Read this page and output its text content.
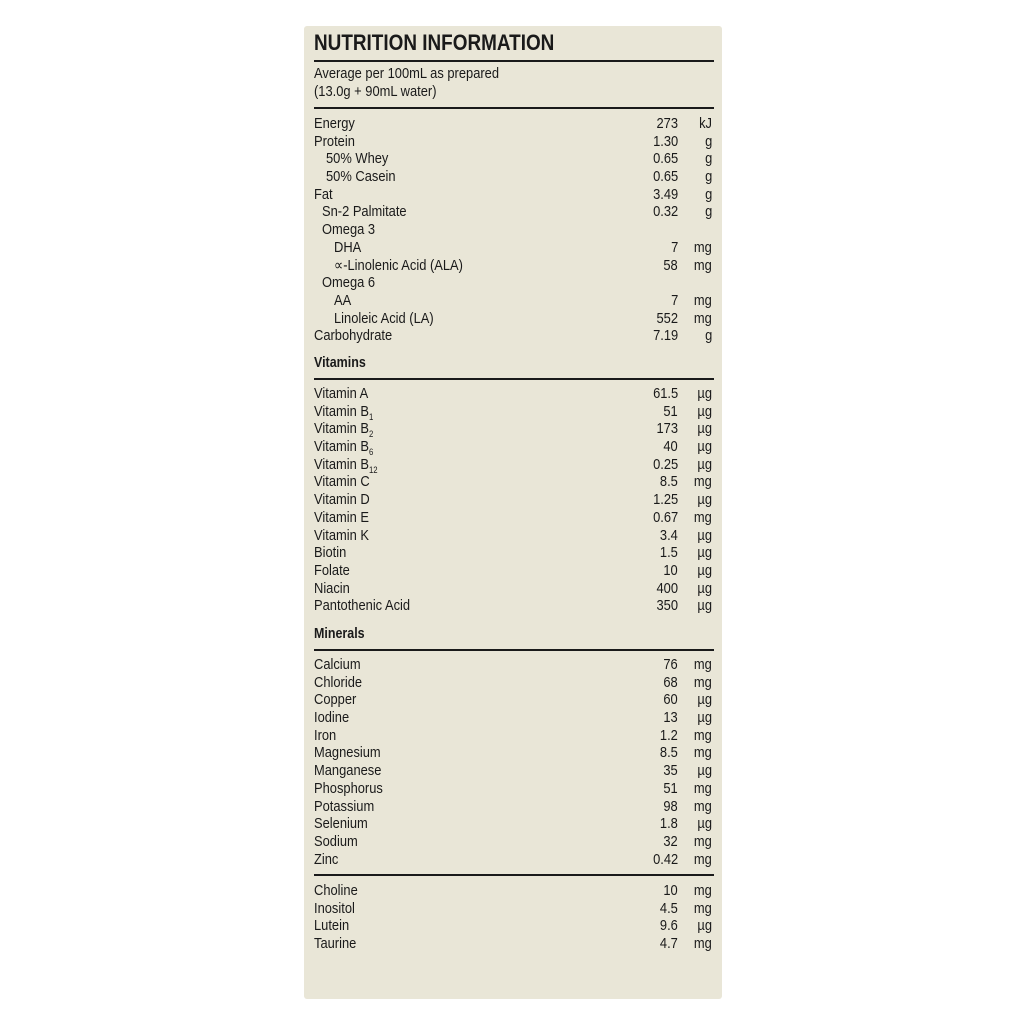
NUTRITION INFORMATION
Average per 100mL as prepared
(13.0g + 90mL water)
Energy	273 kJ
Protein	1.30 g
50% Whey	0.65 g
50% Casein	0.65 g
Fat	3.49 g
Sn-2 Palmitate	0.32 g
Omega 3
DHA	7 mg
∝-Linolenic Acid (ALA)	58 mg
Omega 6
AA	7 mg
Linoleic Acid (LA)	552 mg
Carbohydrate	7.19 g
Vitamins
Vitamin A	61.5 µg
Vitamin $B_1$	51 µg
Vitamin $B_2$	173 µg
Vitamin $B_6$	40 µg
Vitamin $B_{12}$	0.25 µg
Vitamin C	8.5 mg
Vitamin D	1.25 µg
Vitamin E	0.67 mg
Vitamin K	3.4 µg
Biotin	1.5 µg
Folate	10 µg
Niacin	400 µg
Pantothenic Acid	350 µg
Minerals
Calcium	76 mg
Chloride	68 mg
Copper	60 µg
Iodine	13 µg
Iron	1.2 mg
Magnesium	8.5 mg
Manganese	35 µg
Phosphorus	51 mg
Potassium	98 mg
Selenium	1.8 µg
Sodium	32 mg
Zinc	0.42 mg
Choline	10 mg
Inositol	4.5 mg
Lutein	9.6 µg
Taurine	4.7 mg
